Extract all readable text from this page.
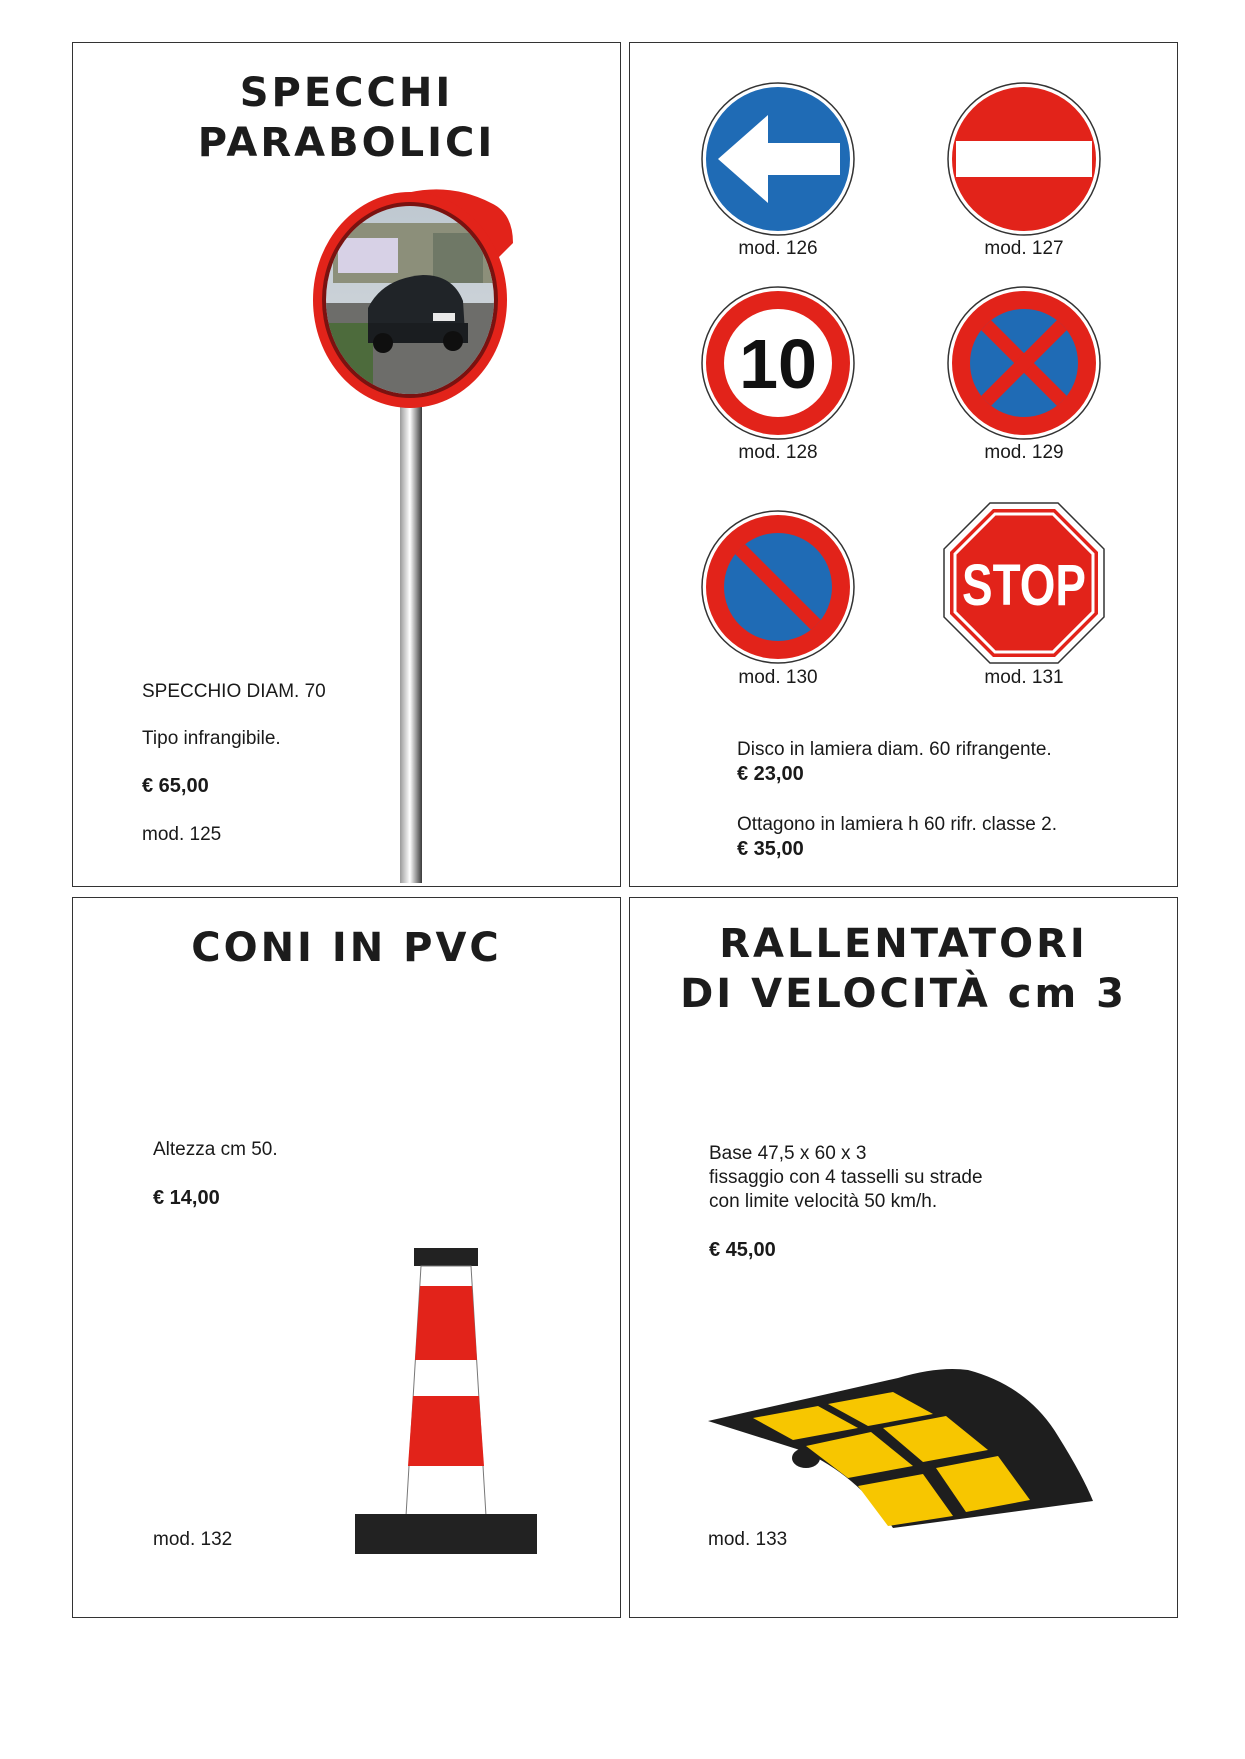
SPECCHI
PARABOLICI
SPECCHIO DIAM. 70
Tipo infrangibile.
€ 65,00
mod. 125
mod. 126	mod. 127
10
mod. 128	mod. 129
mod. 130
STOP
mod. 131
Disco in lamiera diam. 60 rifrangente.
€ 23,00
Ottagono in lamiera h 60 rifr. classe 2.
€ 35,00
CONI IN PVC
Altezza cm 50.
€ 14,00
mod. 132
RALLENTATORI
DI VELOCITÀ cm 3
Base 47,5 x 60 x 3
fissaggio con 4 tasselli su strade
con limite velocità 50 km/h.
€ 45,00
mod. 133
